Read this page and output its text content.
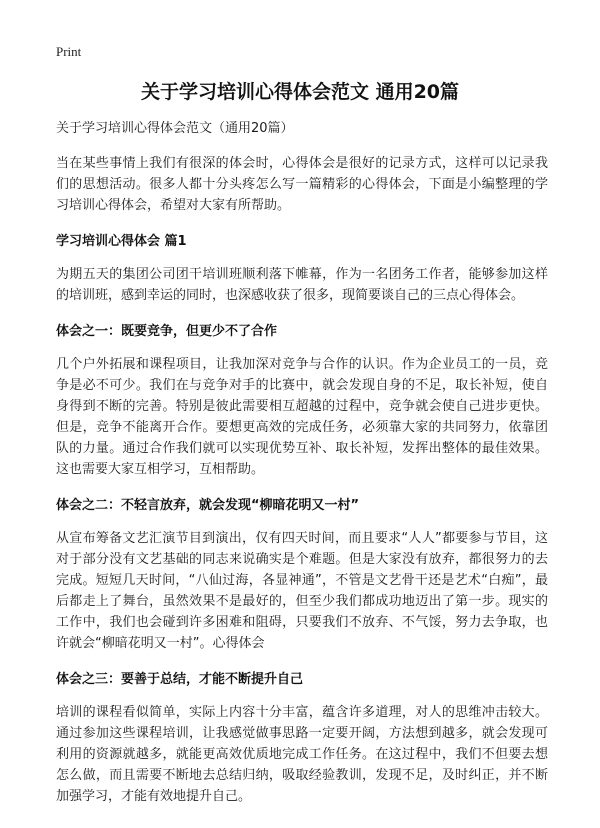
Print
关于学习培训心得体会范文 通用20篇

关于学习培训心得体会范文（通用20篇）

当在某些事情上我们有很深的体会时，心得体会是很好的记录方式，这样可以记录我们的思想活动。很多人都十分头疼怎么写一篇精彩的心得体会，下面是小编整理的学习培训心得体会，希望对大家有所帮助。

学习培训心得体会 篇1

为期五天的集团公司团干培训班顺利落下帷幕，作为一名团务工作者，能够参加这样的培训班，感到幸运的同时，也深感收获了很多，现简要谈自己的三点心得体会。

体会之一：既要竞争，但更少不了合作

几个户外拓展和课程项目，让我加深对竞争与合作的认识。作为企业员工的一员，竞争是必不可少。我们在与竞争对手的比赛中，就会发现自身的不足，取长补短，使自身得到不断的完善。特别是彼此需要相互超越的过程中，竞争就会使自己进步更快。但是，竞争不能离开合作。要想更高效的完成任务，必须靠大家的共同努力，依靠团队的力量。通过合作我们就可以实现优势互补、取长补短，发挥出整体的最佳效果。这也需要大家互相学习，互相帮助。

体会之二：不轻言放弃，就会发现“柳暗花明又一村”

从宣布筹备文艺汇演节目到演出，仅有四天时间，而且要求“人人”都要参与节目，这对于部分没有文艺基础的同志来说确实是个难题。但是大家没有放弃，都很努力的去完成。短短几天时间，“八仙过海，各显神通”，不管是文艺骨干还是艺术“白痴”，最后都走上了舞台，虽然效果不是最好的，但至少我们都成功地迈出了第一步。现实的工作中，我们也会碰到许多困难和阻碍，只要我们不放弃、不气馁，努力去争取，也许就会“柳暗花明又一村”。心得体会

体会之三：要善于总结，才能不断提升自己

培训的课程看似简单，实际上内容十分丰富，蕴含许多道理，对人的思维冲击较大。通过参加这些课程培训，让我感觉做事思路一定要开阔，方法想到越多，就会发现可利用的资源就越多，就能更高效优质地完成工作任务。在这过程中，我们不但要去想怎么做，而且需要不断地去总结归纳，吸取经验教训，发现不足，及时纠正，并不断加强学习，才能有效地提升自己。
